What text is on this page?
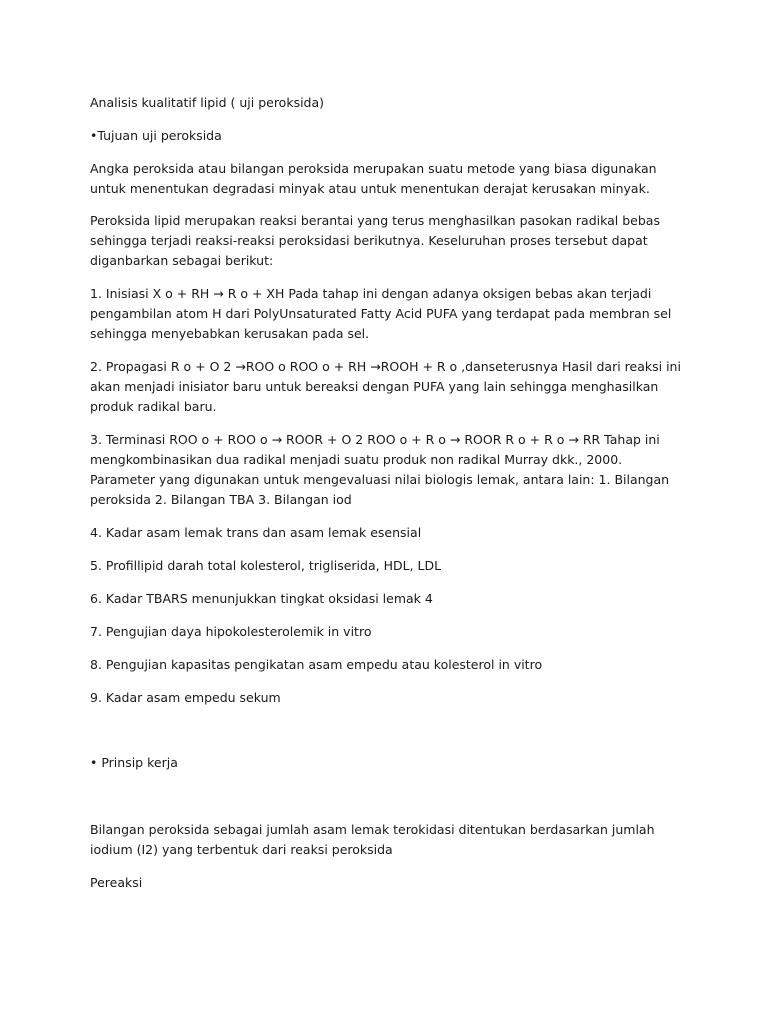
Analisis kualitatif lipid ( uji peroksida)

•Tujuan uji peroksida

Angka peroksida atau bilangan peroksida merupakan suatu metode yang biasa digunakan untuk menentukan degradasi minyak atau untuk menentukan derajat kerusakan minyak.

Peroksida lipid merupakan reaksi berantai yang terus menghasilkan pasokan radikal bebas sehingga terjadi reaksi-reaksi peroksidasi berikutnya. Keseluruhan proses tersebut dapat diganbarkan sebagai berikut:

1. Inisiasi X o + RH → R o + XH Pada tahap ini dengan adanya oksigen bebas akan terjadi pengambilan atom H dari PolyUnsaturated Fatty Acid PUFA yang terdapat pada membran sel sehingga menyebabkan kerusakan pada sel.

2. Propagasi R o + O 2 →ROO o ROO o + RH →ROOH + R o ,danseterusnya Hasil dari reaksi ini akan menjadi inisiator baru untuk bereaksi dengan PUFA yang lain sehingga menghasilkan produk radikal baru.

3. Terminasi ROO o + ROO o → ROOR + O 2 ROO o + R o → ROOR R o + R o → RR Tahap ini mengkombinasikan dua radikal menjadi suatu produk non radikal Murray dkk., 2000. Parameter yang digunakan untuk mengevaluasi nilai biologis lemak, antara lain: 1. Bilangan peroksida 2. Bilangan TBA 3. Bilangan iod

4. Kadar asam lemak trans dan asam lemak esensial

5. Profillipid darah total kolesterol, trigliserida, HDL, LDL

6. Kadar TBARS menunjukkan tingkat oksidasi lemak 4

7. Pengujian daya hipokolesterolemik in vitro

8. Pengujian kapasitas pengikatan asam empedu atau kolesterol in vitro

9. Kadar asam empedu sekum

• Prinsip kerja

Bilangan peroksida sebagai jumlah asam lemak terokidasi ditentukan berdasarkan jumlah iodium (I2) yang terbentuk dari reaksi peroksida

Pereaksi
